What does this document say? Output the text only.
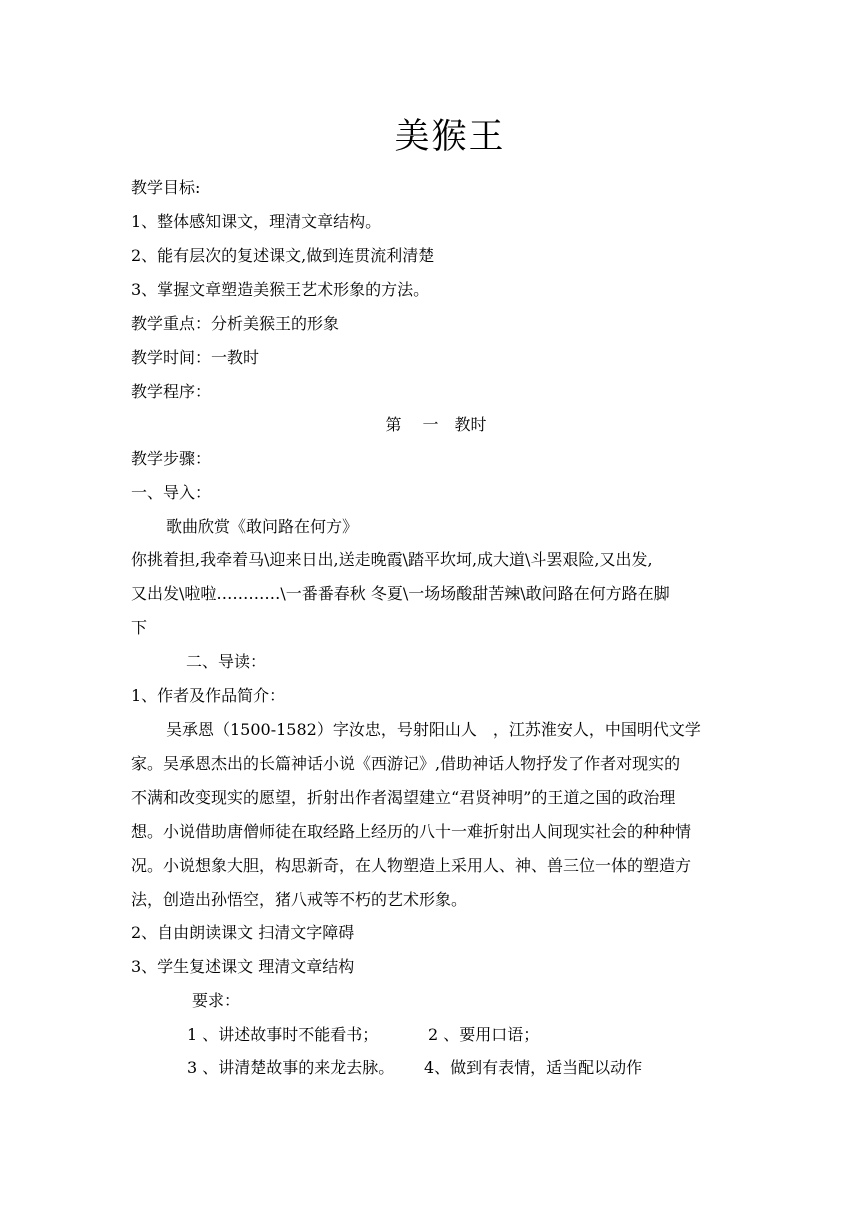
美猴王
教学目标:
1、整体感知课文，理清文章结构。
2、能有层次的复述课文,做到连贯流利清楚
3、掌握文章塑造美猴王艺术形象的方法。
教学重点：分析美猴王的形象
教学时间：一教时
教学程序：
第　 一　教时
教学步骤：
一、导入：
歌曲欣赏《敢问路在何方》
你挑着担,我牵着马\迎来日出,送走晚霞\踏平坎坷,成大道\斗罢艰险,又出发,
又出发\啦啦…………\一番番春秋 冬夏\一场场酸甜苦辣\敢问路在何方路在脚
下
二、导读：
1、作者及作品简介：
吴承恩（1500-1582）字汝忠，号射阳山人　，江苏淮安人，中国明代文学
家。吴承恩杰出的长篇神话小说《西游记》,借助神话人物抒发了作者对现实的
不满和改变现实的愿望，折射出作者渴望建立“君贤神明”的王道之国的政治理
想。小说借助唐僧师徒在取经路上经历的八十一难折射出人间现实社会的种种情
况。小说想象大胆，构思新奇，在人物塑造上采用人、神、兽三位一体的塑造方
法，创造出孙悟空，猪八戒等不朽的艺术形象。
2、自由朗读课文 扫清文字障碍
3、学生复述课文 理清文章结构
要求：
1 、讲述故事时不能看书；	2 、要用口语；
3 、讲清楚故事的来龙去脉。 4、做到有表情，适当配以动作
